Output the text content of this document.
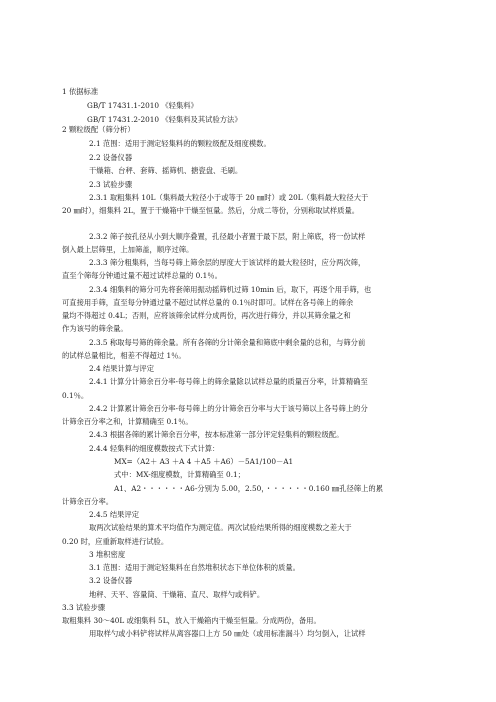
1 依据标准
GB/T 17431.1-2010 《轻集料》
GB/T 17431.2-2010 《轻集料及其试验方法》
2 颗粒级配（筛分析）
2.1 范围：适用于测定轻集料的的颗粒级配及细度模数。
2.2 设备仪器
干燥箱、台秤、套筛、摇筛机、搪瓷盘、毛刷。
2.3 试验步骤
2.3.1 取粗集料 10L（集料最大粒径小于或等于 20 ㎜时）或 20L（集料最大粒径大于
20 ㎜时），细集料 2L，置于干燥箱中干燥至恒量。然后，分成二等份，分别称取试样质量。
2.3.2 筛子按孔径从小到大顺序叠置，孔径最小者置于最下层，附上筛底，将一份试样
倒入最上层筛里，上加筛盖，顺序过筛。
2.3.3 筛分粗集料，当每号筛上筛余层的厚度大于该试样的最大粒径时，应分两次筛，
直至个筛每分钟通过量不超过试样总量的 0.1％。
2.3.4 细集料的筛分可先将套筛用振动摇筛机过筛 10min 后，取下，再逐个用手筛，也
可直接用手筛，直至每分钟通过量不超过试样总量的 0.1％时即可。试样在各号筛上的筛余
量均不得超过 0.4L；否则，应将该筛余试样分成两份，再次进行筛分，并以其筛余量之和
作为该号的筛余量。
2.3.5 称取每号筛的筛余量。所有各筛的分计筛余量和筛底中剩余量的总和，与筛分前
的试样总量相比，相差不得超过 1％。
2.4 结果计算与评定
2.4.1 计算分计筛余百分率-每号筛上的筛余量除以试样总量的质量百分率，计算精确至
0.1％。
2.4.2 计算累计筛余百分率-每号筛上的分计筛余百分率与大于该号筛以上各号筛上的分
计筛余百分率之和，计算精确至 0.1％。
2.4.3 根据各筛的累计筛余百分率，按本标准第一部分评定轻集料的颗粒级配。
2.4.4 轻集料的细度模数按式下式计算：
MX=（A2＋ A3 ＋A 4 ＋A5 ＋A6）－5A1/100－A1
式中：MX-细度模数，计算精确至 0.1；
A1、A2・・・・・・A6-分别为 5.00，2.50，・・・・・・0.160 ㎜孔径筛上的累
计筛余百分率。
2.4.5 结果评定
取两次试验结果的算术平均值作为测定值。两次试验结果所得的细度模数之差大于
0.20 时，应重新取样进行试验。
3 堆积密度
3.1 范围：适用于测定轻集料在自然堆积状态下单位体积的质量。
3.2 设备仪器
地秤、天平、容量筒、干燥箱、直尺、取样勺或料铲。
3.3 试验步骤
取粗集料 30～40L 或细集料 5L，放入干燥箱内干燥至恒量。分成两份，备用。
用取样勺或小料铲将试样从离容器口上方 50 ㎜处（或用标准漏斗）均匀倒入，让试样
